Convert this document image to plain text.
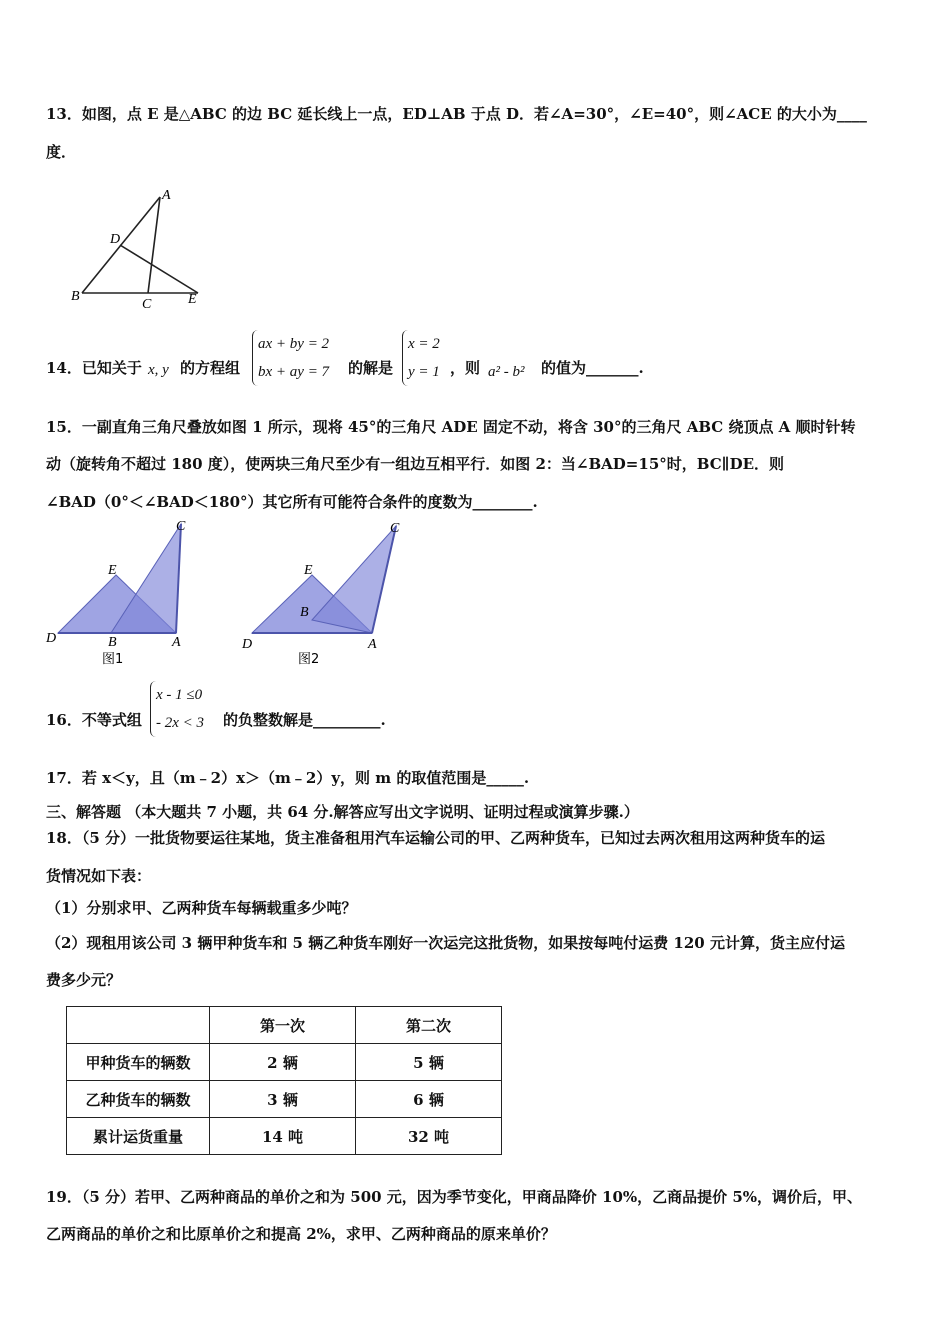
13．如图，点 E 是△ABC 的边 BC 延长线上一点，ED⊥AB 于点 D．若∠A=30°，∠E=40°，则∠ACE 的大小为____
度．
A
D
B
C	E
14．已知关于 x, y 的方程组
ax + by = 2
bx + ay = 7 的解是
x = 2
y = 1 ，则 a² - b² 的值为_______.
15．一副直角三角尺叠放如图 1 所示，现将 45°的三角尺 ADE 固定不动，将含 30°的三角尺 ABC 绕顶点 A 顺时针转
动（旋转角不超过 180 度），使两块三角尺至少有一组边互相平行．如图 2：当∠BAD=15°时，BC∥DE．则
∠BAD（0°＜∠BAD＜180°）其它所有可能符合条件的度数为________.
C
E
D	B	A
图1
C
E
B
D	A
图2
16．不等式组
x - 1 ≤0
- 2x < 3 的负整数解是_________.
17．若 x＜y，且（m﹣2）x＞（m﹣2）y，则 m 的取值范围是_____.
三、解答题 （本大题共 7 小题，共 64 分.解答应写出文字说明、证明过程或演算步骤.）
18．（5 分）一批货物要运往某地，货主准备租用汽车运输公司的甲、乙两种货车，已知过去两次租用这两种货车的运
货情况如下表：
（1）分别求甲、乙两种货车每辆载重多少吨？
（2）现租用该公司 3 辆甲种货车和 5 辆乙种货车刚好一次运完这批货物，如果按每吨付运费 120 元计算，货主应付运
费多少元？
	第一次	第二次
甲种货车的辆数	2 辆	5 辆
乙种货车的辆数	3 辆	6 辆
累计运货重量	14 吨	32 吨
19．（5 分）若甲、乙两种商品的单价之和为 500 元，因为季节变化，甲商品降价 10%，乙商品提价 5%，调价后，甲、
乙两商品的单价之和比原单价之和提高 2%，求甲、乙两种商品的原来单价？
